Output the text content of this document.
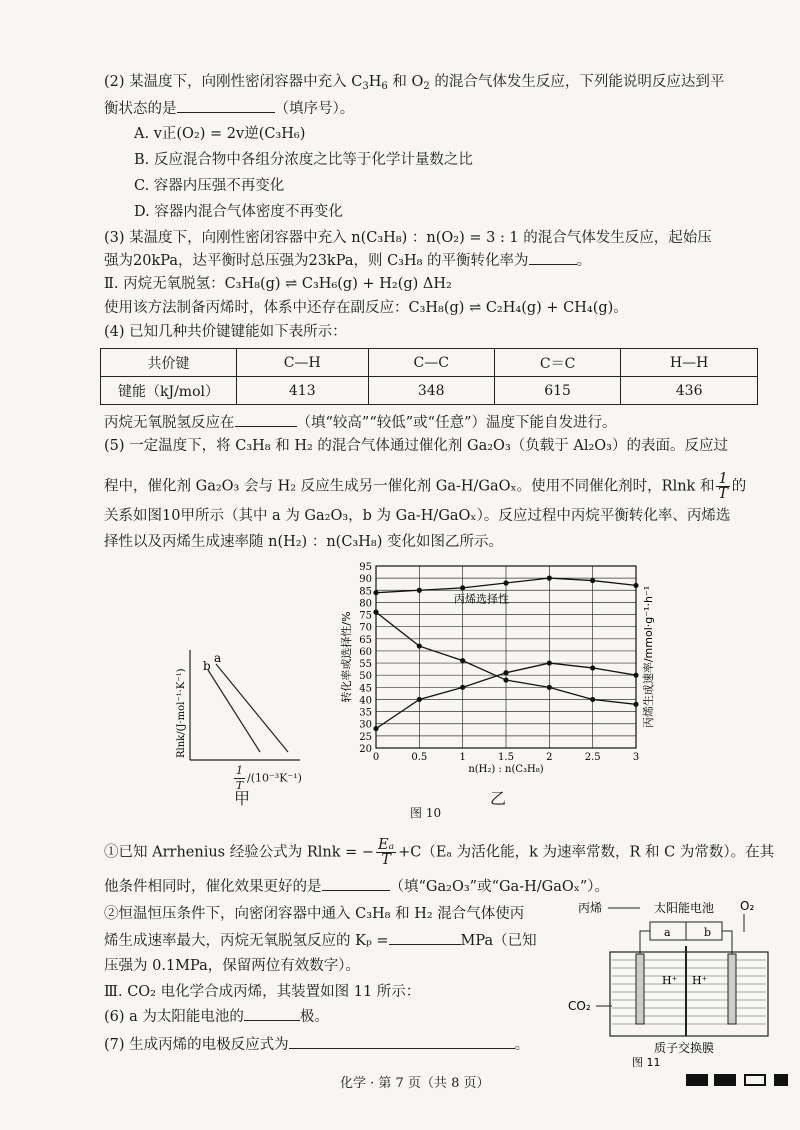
(2) 某温度下，向刚性密闭容器中充入 $C_3H_6$ 和 $O_2$ 的混合气体发生反应，下列能说明反应达到平
衡状态的是	（填序号）。
A. v正(O₂) = 2v逆(C₃H₆)
B. 反应混合物中各组分浓度之比等于化学计量数之比
C. 容器内压强不再变化
D. 容器内混合气体密度不再变化
(3) 某温度下，向刚性密闭容器中充入 n(C₃H₈) ：n(O₂) = 3 : 1 的混合气体发生反应，起始压
强为20kPa，达平衡时总压强为23kPa，则 C₃H₈ 的平衡转化率为	。
Ⅱ. 丙烷无氧脱氢：C₃H₈(g) ⇌ C₃H₆(g) + H₂(g) ΔH₂
使用该方法制备丙烯时，体系中还存在副反应：C₃H₈(g) ⇌ C₂H₄(g) + CH₄(g)。
(4) 已知几种共价键键能如下表所示：
共价键	C—H	C—C	C＝C	H—H
键能（kJ/mol）	413	348	615	436
丙烷无氧脱氢反应在	（填“较高”“较低”或“任意”）温度下能自发进行。
(5) 一定温度下，将 C₃H₈ 和 H₂ 的混合气体通过催化剂 Ga₂O₃（负载于 Al₂O₃）的表面。反应过
程中，催化剂 Ga₂O₃ 会与 H₂ 反应生成另一催化剂 Ga-H/GaOₓ。使用不同催化剂时，Rlnk 和 $\frac{1}{T}$ 的
关系如图10甲所示（其中 a 为 Ga₂O₃，b 为 Ga-H/GaOₓ）。反应过程中丙烷平衡转化率、丙烯选
择性以及丙烯生成速率随 n(H₂) ：n(C₃H₈) 变化如图乙所示。
b
a
Rlnk/(J·mol⁻¹·K⁻¹)
$\frac{1}{T} /(10^{-3}K^{-1})$
甲
20
25
30
35
40
45
50
55
60
65
70
75
80
85
90
95
0	0.5	1	1.5	2	2.5	3
丙烯选择性
n(H₂) : n(C₃H₈)
转化率或选择性/%	丙烯生成速率/mmol·g⁻¹·h⁻¹
乙
图 10
①已知 Arrhenius 经验公式为 Rlnk = − $\frac{\text{Eₐ}}{T} +C(E_a$ 为活化能，k 为速率常数，R 和 C 为常数）。在其
他条件相同时，催化效果更好的是	（填“Ga₂O₃”或“Ga-H/GaOₓ”）。
②恒温恒压条件下，向密闭容器中通入 C₃H₈ 和 H₂ 混合气体使丙
烯生成速率最大，丙烷无氧脱氢反应的 Kₚ =	MPa（已知
压强为 0.1MPa，保留两位有效数字）。
Ⅲ. CO₂ 电化学合成丙烯，其装置如图 11 所示：
(6) a 为太阳能电池的	极。
(7) 生成丙烯的电极反应式为	。
丙烯	太阳能电池 O₂
a	b
H⁺ H⁺
CO₂
质子交换膜
图 11
化学 · 第 7 页（共 8 页）
